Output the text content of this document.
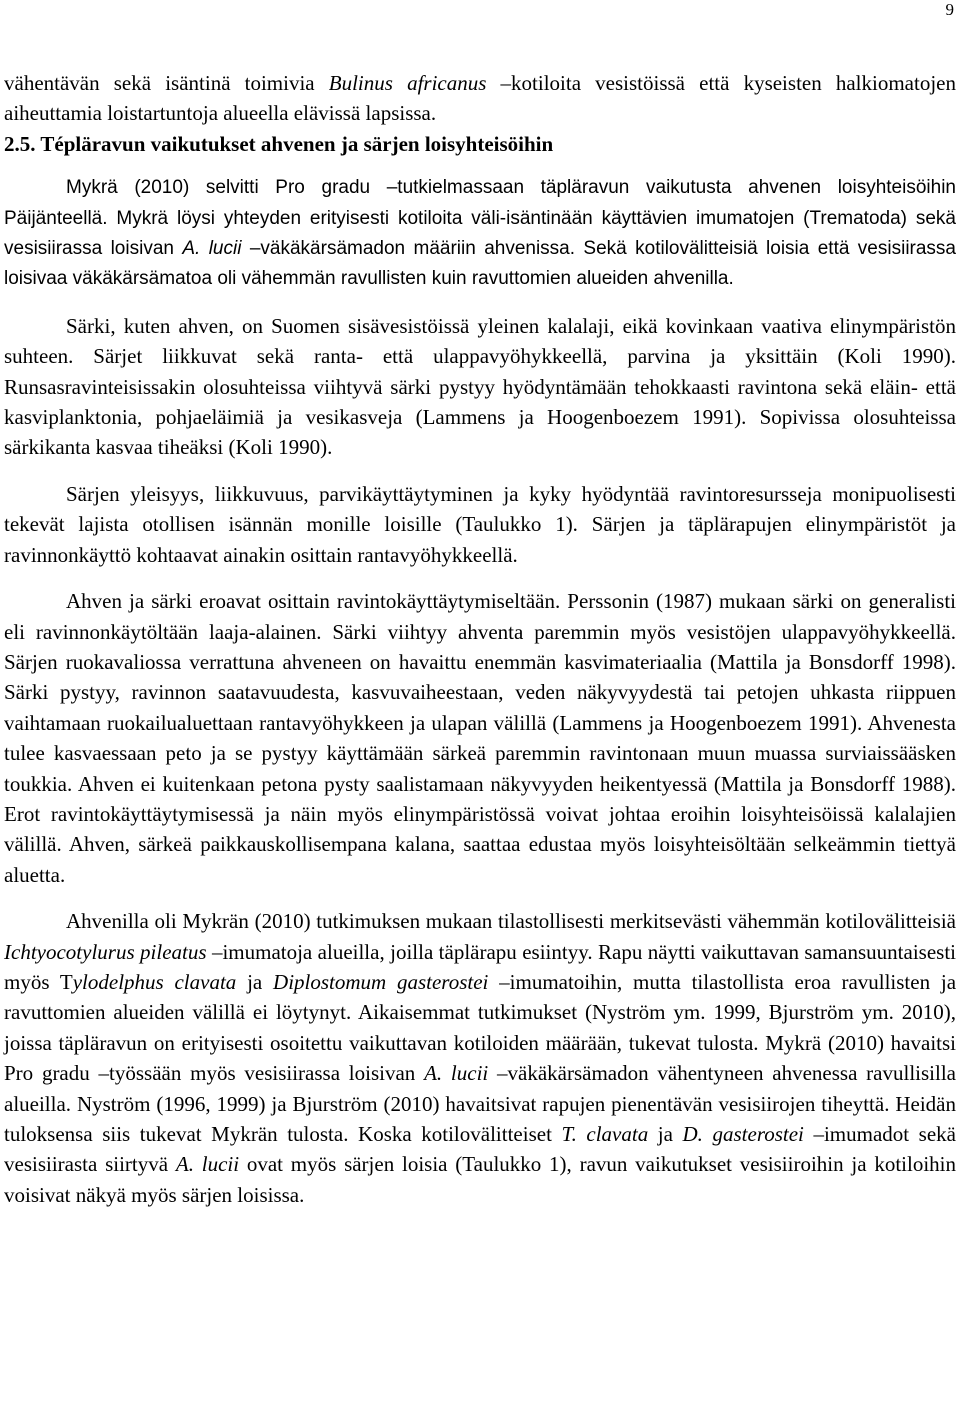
9

vähentävän sekä isäntinä toimivia Bulinus africanus –kotiloita vesistöissä että kyseisten halkiomatojen aiheuttamia loistartuntoja alueella elävissä lapsissa.

2.5. Tépläravun vaikutukset ahvenen ja särjen loisyhteisöihin

Mykrä (2010) selvitti Pro gradu –tutkielmassaan täpläravun vaikutusta ahvenen loisyhteisöihin Päijänteellä. Mykrä löysi yhteyden erityisesti kotiloita väli-isäntinään käyttävien imumatojen (Trematoda) sekä vesisiirassa loisivan A. lucii –väkäkärsämadon määriin ahvenissa. Sekä kotilovälitteisiä loisia että vesisiirassa loisivaa väkäkärsämatoa oli vähemmän ravullisten kuin ravuttomien alueiden ahvenilla.

Särki, kuten ahven, on Suomen sisävesistöissä yleinen kalalaji, eikä kovinkaan vaativa elinympäristön suhteen. Särjet liikkuvat sekä ranta- että ulappavyöhykkeellä, parvina ja yksittäin (Koli 1990). Runsasravinteisissakin olosuhteissa viihtyvä särki pystyy hyödyntämään tehokkaasti ravintona sekä eläin- että kasviplanktonia, pohjaeläimiä ja vesikasveja (Lammens ja Hoogenboezem 1991). Sopivissa olosuhteissa särkikanta kasvaa tiheäksi (Koli 1990).

Särjen yleisyys, liikkuvuus, parvikäyttäytyminen ja kyky hyödyntää ravintoresursseja monipuolisesti tekevät lajista otollisen isännän monille loisille (Taulukko 1). Särjen ja täplärapujen elinympäristöt ja ravinnonkäyttö kohtaavat ainakin osittain rantavyöhykkeellä.

Ahven ja särki eroavat osittain ravintokäyttäytymiseltään. Perssonin (1987) mukaan särki on generalisti eli ravinnonkäytöltään laaja-alainen. Särki viihtyy ahventa paremmin myös vesistöjen ulappavyöhykkeellä. Särjen ruokavaliossa verrattuna ahveneen on havaittu enemmän kasvimateriaalia (Mattila ja Bonsdorff 1998). Särki pystyy, ravinnon saatavuudesta, kasvuvaiheestaan, veden näkyvyydestä tai petojen uhkasta riippuen vaihtamaan ruokailualuettaan rantavyöhykkeen ja ulapan välillä (Lammens ja Hoogenboezem 1991). Ahvenesta tulee kasvaessaan peto ja se pystyy käyttämään särkeä paremmin ravintonaan muun muassa surviaissääsken toukkia. Ahven ei kuitenkaan petona pysty saalistamaan näkyvyyden heikentyessä (Mattila ja Bonsdorff 1988). Erot ravintokäyttäytymisessä ja näin myös elinympäristössä voivat johtaa eroihin loisyhteisöissä kalalajien välillä. Ahven, särkeä paikkauskollisempana kalana, saattaa edustaa myös loisyhteisöltään selkeämmin tiettyä aluetta.

Ahvenilla oli Mykrän (2010) tutkimuksen mukaan tilastollisesti merkitsevästi vähemmän kotilovälitteisiä Ichtyocotylurus pileatus –imumatoja alueilla, joilla täplärapu esiintyy. Rapu näytti vaikuttavan samansuuntaisesti myös Tylodelphus clavata ja Diplostomum gasterostei –imumatoihin, mutta tilastollista eroa ravullisten ja ravuttomien alueiden välillä ei löytynyt. Aikaisemmat tutkimukset (Nyström ym. 1999, Bjurström ym. 2010), joissa täpläravun on erityisesti osoitettu vaikuttavan kotiloiden määrään, tukevat tulosta. Mykrä (2010) havaitsi Pro gradu –työssään myös vesisiirassa loisivan A. lucii –väkäkärsämadon vähentyneen ahvenessa ravullisilla alueilla. Nyström (1996, 1999) ja Bjurström (2010) havaitsivat rapujen pienentävän vesisiirojen tiheyttä. Heidän tuloksensa siis tukevat Mykrän tulosta. Koska kotilovälitteiset T. clavata ja D. gasterostei –imumadot sekä vesisiirasta siirtyvä A. lucii ovat myös särjen loisia (Taulukko 1), ravun vaikutukset vesisiiroihin ja kotiloihin voisivat näkyä myös särjen loisissa.
